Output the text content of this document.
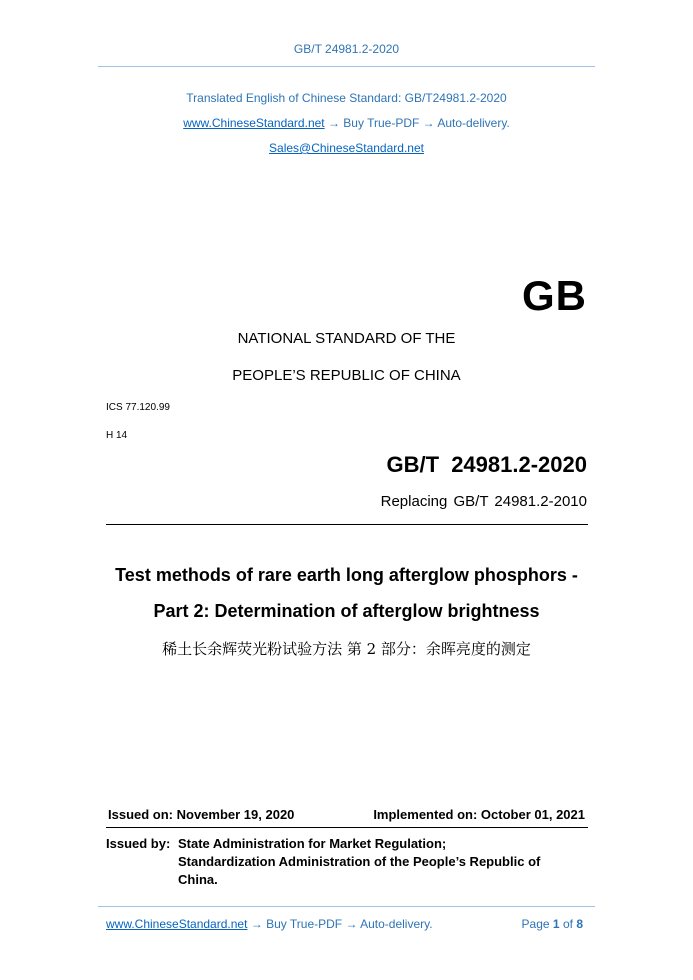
GB/T 24981.2-2020
Translated English of Chinese Standard: GB/T24981.2-2020
www.ChineseStandard.net → Buy True-PDF → Auto-delivery.
Sales@ChineseStandard.net
GB
NATIONAL STANDARD OF THE
PEOPLE’S REPUBLIC OF CHINA
ICS 77.120.99
H 14
GB/T 24981.2-2020
Replacing GB/T 24981.2-2010
Test methods of rare earth long afterglow phosphors -
Part 2: Determination of afterglow brightness
稀土长余辉荧光粉试验方法 第 2 部分：余晖亮度的测定
Issued on: November 19, 2020	Implemented on: October 01, 2021
Issued by: State Administration for Market Regulation;
Standardization Administration of the People’s Republic of
China.
www.ChineseStandard.net → Buy True-PDF → Auto-delivery.	Page 1 of 8
